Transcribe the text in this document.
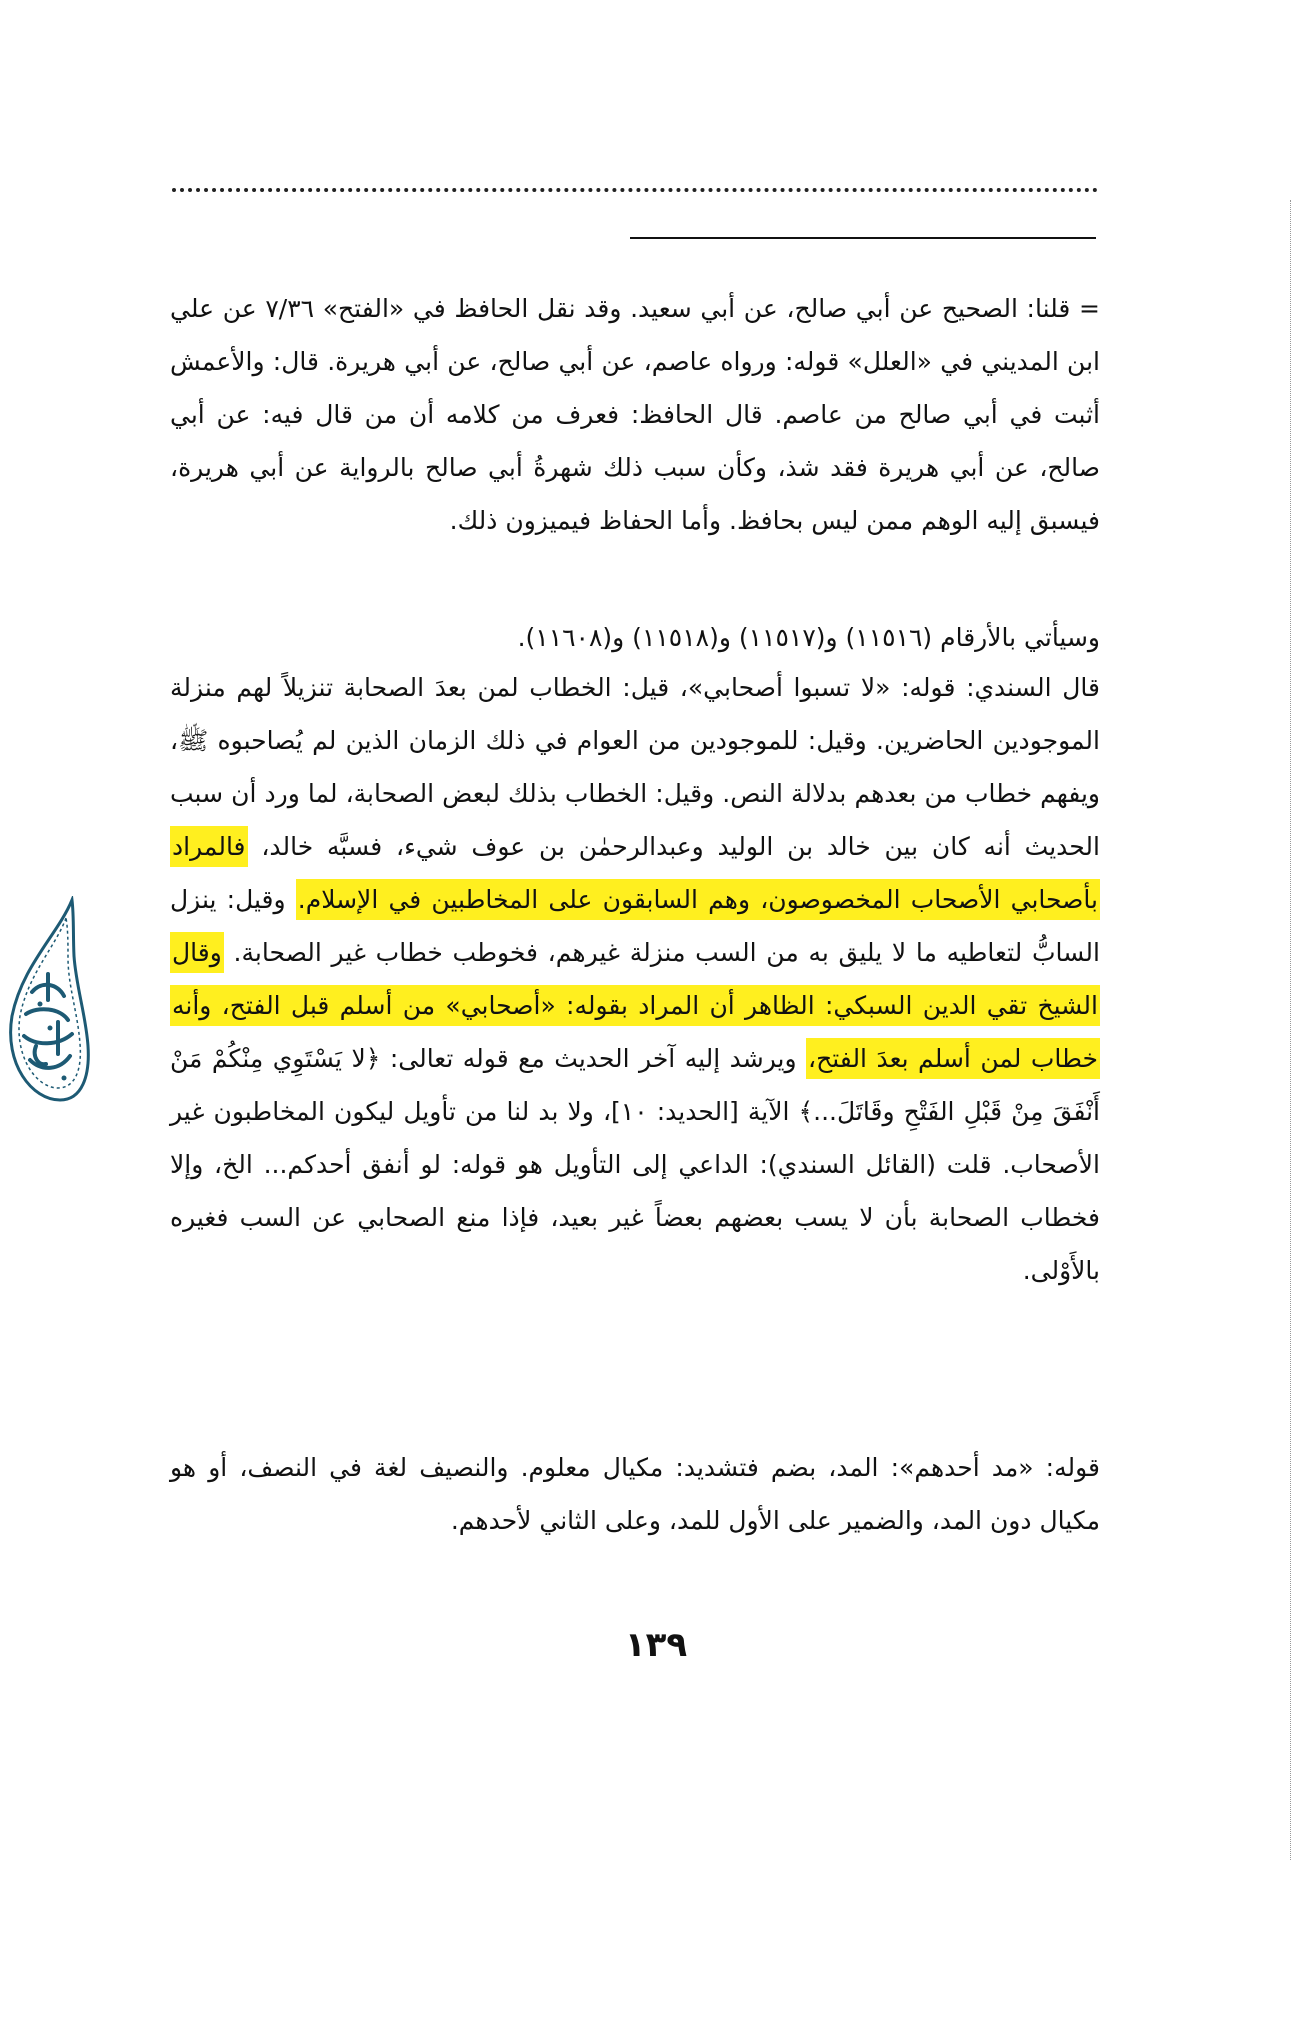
= قلنا: الصحيح عن أبي صالح، عن أبي سعيد. وقد نقل الحافظ في «الفتح» ٧/٣٦ عن علي ابن المديني في «العلل» قوله: ورواه عاصم، عن أبي صالح، عن أبي هريرة. قال: والأعمش أثبت في أبي صالح من عاصم. قال الحافظ: فعرف من كلامه أن من قال فيه: عن أبي صالح، عن أبي هريرة فقد شذ، وكأن سبب ذلك شهرةُ أبي صالح بالرواية عن أبي هريرة، فيسبق إليه الوهم ممن ليس بحافظ. وأما الحفاظ فيميزون ذلك.

وسيأتي بالأرقام (١١٥١٦) و(١١٥١٧) و(١١٥١٨) و(١١٦٠٨).

قال السندي: قوله: «لا تسبوا أصحابي»، قيل: الخطاب لمن بعدَ الصحابة تنزيلاً لهم منزلة الموجودين الحاضرين. وقيل: للموجودين من العوام في ذلك الزمان الذين لم يُصاحبوه ﷺ، ويفهم خطاب من بعدهم بدلالة النص. وقيل: الخطاب بذلك لبعض الصحابة، لما ورد أن سبب الحديث أنه كان بين خالد بن الوليد وعبدالرحمٰن بن عوف شيء، فسبَّه خالد، فالمراد بأصحابي الأصحاب المخصوصون، وهم السابقون على المخاطبين في الإسلام. وقيل: ينزل السابُّ لتعاطيه ما لا يليق به من السب منزلة غيرهم، فخوطب خطاب غير الصحابة. وقال الشيخ تقي الدين السبكي: الظاهر أن المراد بقوله: «أصحابي» من أسلم قبل الفتح، وأنه خطاب لمن أسلم بعدَ الفتح، ويرشد إليه آخر الحديث مع قوله تعالى: ﴿لا يَسْتَوِي مِنْكُمْ مَنْ أَنْفَقَ مِنْ قَبْلِ الفَتْحِ وقَاتَلَ...﴾ الآية [الحديد: ١٠]، ولا بد لنا من تأويل ليكون المخاطبون غير الأصحاب. قلت (القائل السندي): الداعي إلى التأويل هو قوله: لو أنفق أحدكم... الخ، وإلا فخطاب الصحابة بأن لا يسب بعضهم بعضاً غير بعيد، فإذا منع الصحابي عن السب فغيره بالأَوْلى.

قوله: «مد أحدهم»: المد، بضم فتشديد: مكيال معلوم. والنصيف لغة في النصف، أو هو مكيال دون المد، والضمير على الأول للمد، وعلى الثاني لأحدهم.

١٣٩
